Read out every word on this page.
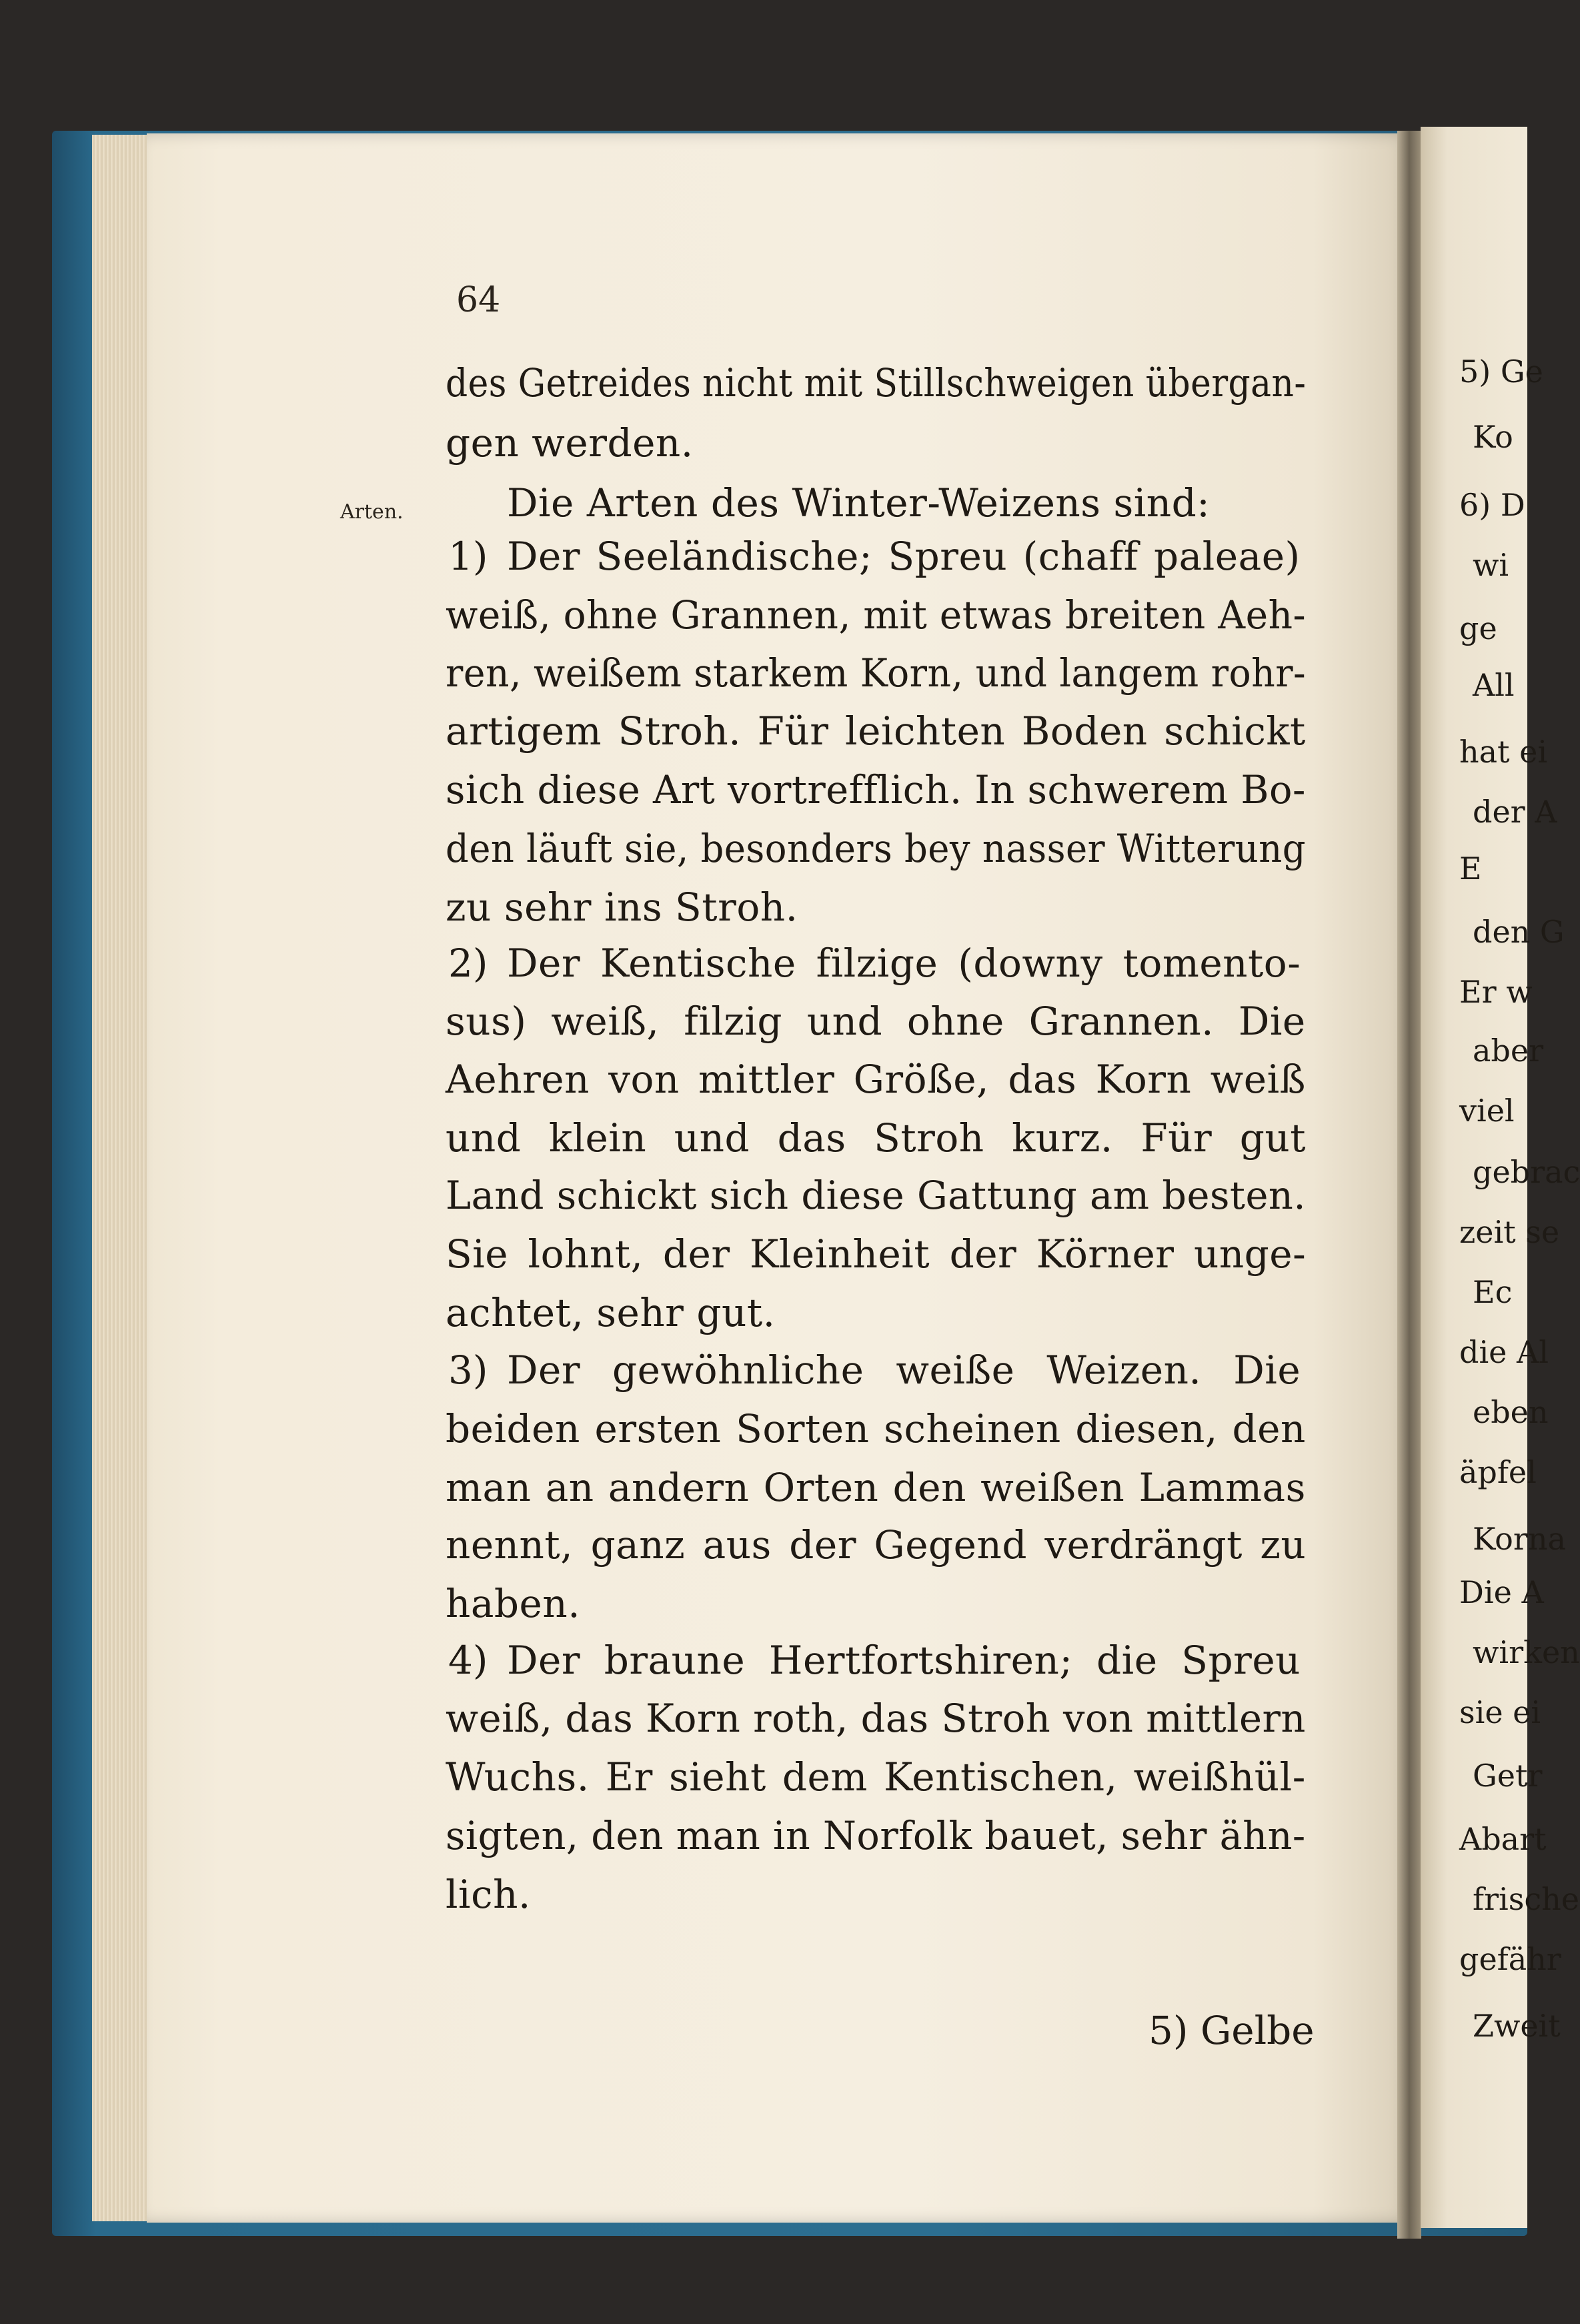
64
Arten.
des Getreides nicht mit Stillschweigen übergan-
gen werden.
Die Arten des Winter-Weizens sind:
Der Seeländische; Spreu (chaff paleae)
weiß, ohne Grannen, mit etwas breiten Aeh-
ren, weißem starkem Korn, und langem rohr-
artigem Stroh. Für leichten Boden schickt
sich diese Art vortrefflich. In schwerem Bo-
den läuft sie, besonders bey nasser Witterung
zu sehr ins Stroh.
Der Kentische filzige (downy tomento-
sus) weiß, filzig und ohne Grannen. Die
Aehren von mittler Größe, das Korn weiß
und klein und das Stroh kurz. Für gut
Land schickt sich diese Gattung am besten.
Sie lohnt, der Kleinheit der Körner unge-
achtet, sehr gut.
Der gewöhnliche weiße Weizen. Die
beiden ersten Sorten scheinen diesen, den
man an andern Orten den weißen Lammas
nennt, ganz aus der Gegend verdrängt zu
haben.
Der braune Hertfortshiren; die Spreu
weiß, das Korn roth, das Stroh von mittlern
Wuchs. Er sieht dem Kentischen, weißhül-
sigten, den man in Norfolk bauet, sehr ähn-
lich.
1)
2)
3)
4)
5) Gelbe
5) Ge
Ko
6) D
wi
ge
All
hat ei
der A
E
den G
Er w
aber
viel
gebrac
zeit se
Ec
die Al
eben
äpfel
Korna
Die A
wirken
sie ei
Getr
Abart
frische
gefähr
Zweit
